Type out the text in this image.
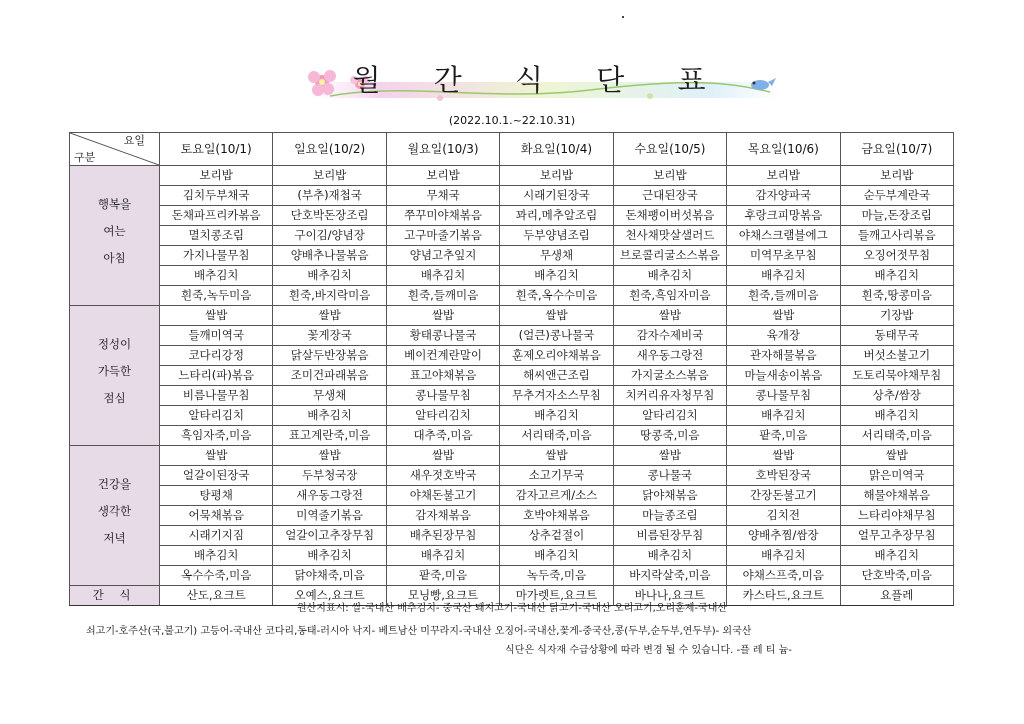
월 간 식 단 표
(2022.10.1.~22.10.31)
요일
구분	토요일(10/1)	일요일(10/2)	월요일(10/3)	화요일(10/4)	수요일(10/5)	목요일(10/6)	금요일(10/7)

행복을
여는
아침	보리밥	보리밥	보리밥	보리밥	보리밥	보리밥	보리밥
	김치두부채국	(부추)재첩국	무채국	시래기된장국	근대된장국	감자양파국	순두부계란국
	돈채파프리카볶음	단호박돈장조림	쭈꾸미야채볶음	꽈리,메추알조림	돈채팽이버섯볶음	후랑크피망볶음	마늘,돈장조림
	멸치콩조림	구이김/양념장	고구마줄기볶음	두부양념조림	천사채맛살샐러드	야채스크램블에그	들깨고사리볶음
	가지나물무침	양배추나물볶음	양념고추잎지	무생채	브로콜리굴소스볶음	미역무초무침	오징어젓무침
	배추김치	배추김치	배추김치	배추김치	배추김치	배추김치	배추김치
	흰죽,녹두미음	흰죽,바지락미음	흰죽,들깨미음	흰죽,옥수수미음	흰죽,흑임자미음	흰죽,들깨미음	흰죽,땅콩미음

정성이
가득한
점심	쌀밥	쌀밥	쌀밥	쌀밥	쌀밥	쌀밥	기장밥
	들깨미역국	꽃게장국	황태콩나물국	(얼큰)콩나물국	감자수제비국	육개장	동태무국
	코다리강정	닭살두반장볶음	베이컨계란말이	훈제오리야채볶음	새우동그랑전	관자해물볶음	버섯소불고기
	느타리(파)볶음	조미건파래볶음	표고야채볶음	해씨앤근조림	가지굴소스볶음	마늘새송이볶음	도토리묵야채무침
	비름나물무침	무생채	콩나물무침	무추겨자소스무침	치커리유자청무침	콩나물무침	상추/쌈장
	알타리김치	배추김치	알타리김치	배추김치	알타리김치	배추김치	배추김치
	흑임자죽,미음	표고계란죽,미음	대추죽,미음	서리태죽,미음	땅콩죽,미음	팥죽,미음	서리태죽,미음

건강을
생각한
저녁	쌀밥	쌀밥	쌀밥	쌀밥	쌀밥	쌀밥	쌀밥
	얼갈이된장국	두부청국장	새우젓호박국	소고기무국	콩나물국	호박된장국	맑은미역국
	탕평채	새우동그랑전	야채돈불고기	감자고르게/소스	닭야채볶음	간장돈불고기	해물야채볶음
	어묵채볶음	미역줄기볶음	감자채볶음	호박야채볶음	마늘종조림	김치전	느타리야채무침
	시래기지짐	얼갈이고추장무침	배추된장무침	상추겉절이	비름된장무침	양배추찜/쌈장	얼무고추장무침
	배추김치	배추김치	배추김치	배추김치	배추김치	배추김치	배추김치
	옥수수죽,미음	닭야채죽,미음	팥죽,미음	녹두죽,미음	바지락살죽,미음	야채스프죽,미음	단호박죽,미음
간 식	산도,요크트	오예스,요크트	모닝빵,요크트	마가렛트,요크트	바나나,요크트	카스타드,요크트	요플레
원산지표시: 쌀-국내산 배추김치- 중국산 돼지고기-국내산 닭고기-국내산 오리고기,오리훈제-국내산
쇠고기-호주산(국,불고기) 고등어-국내산 코다리,동태-러시아 낙지- 베트남산 미꾸라지-국내산 오징어-국내산,꽃게-중국산,콩(두부,순두부,연두부)- 외국산
식단은 식자재 수급상황에 따라 변경 될 수 있습니다. -플 레 티 늄-
